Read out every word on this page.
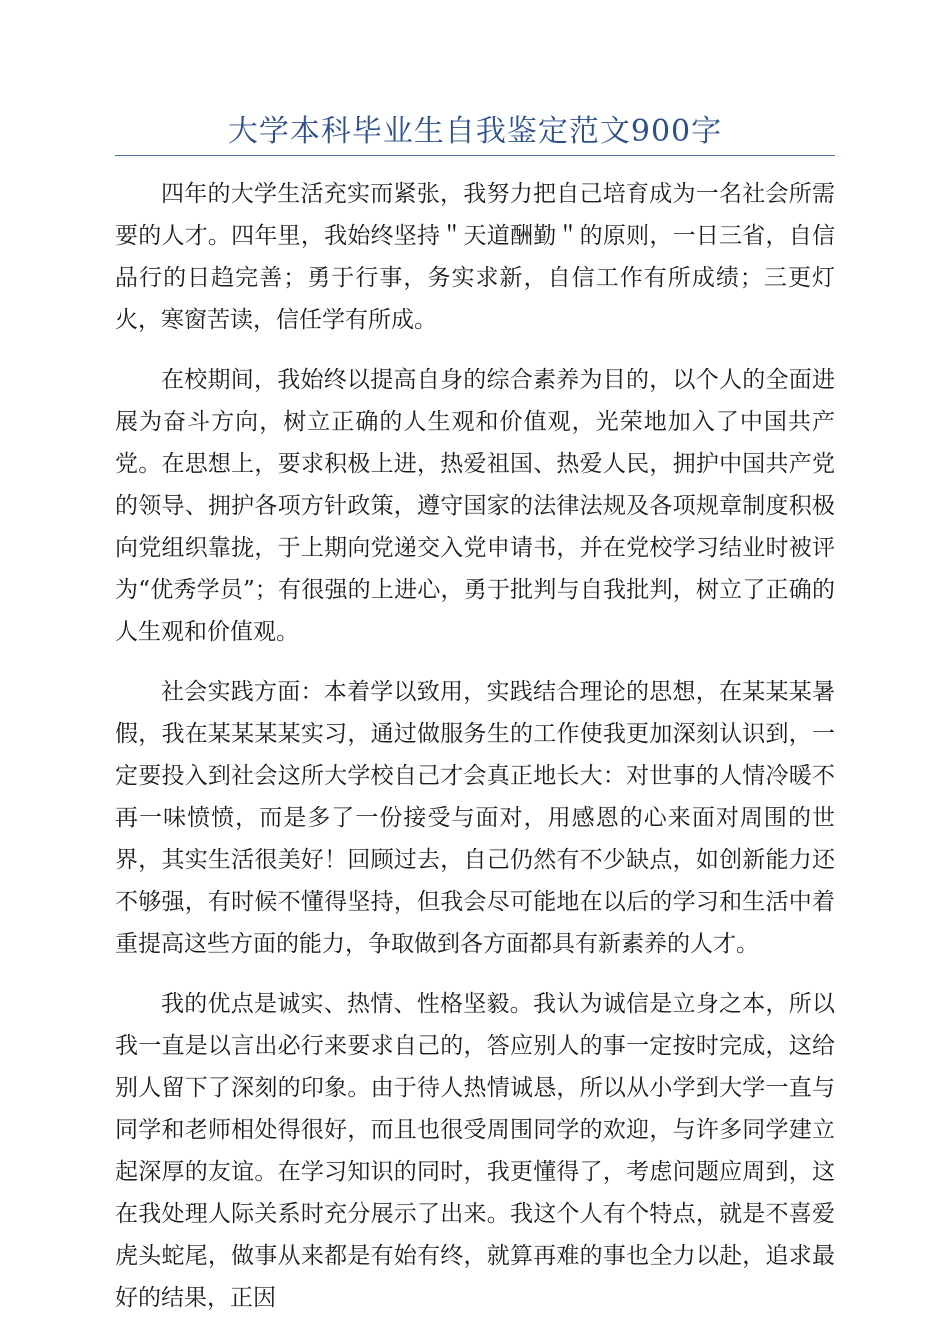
大学本科毕业生自我鉴定范文900字

四年的大学生活充实而紧张，我努力把自己培育成为一名社会所需要的人才。四年里，我始终坚持＂天道酬勤＂的原则，一日三省，自信品行的日趋完善；勇于行事，务实求新，自信工作有所成绩；三更灯火，寒窗苦读，信任学有所成。

在校期间，我始终以提高自身的综合素养为目的，以个人的全面进展为奋斗方向，树立正确的人生观和价值观，光荣地加入了中国共产党。在思想上，要求积极上进，热爱祖国、热爱人民，拥护中国共产党的领导、拥护各项方针政策，遵守国家的法律法规及各项规章制度积极向党组织靠拢，于上期向党递交入党申请书，并在党校学习结业时被评为“优秀学员”；有很强的上进心，勇于批判与自我批判，树立了正确的人生观和价值观。

社会实践方面：本着学以致用，实践结合理论的思想，在某某某暑假，我在某某某某实习，通过做服务生的工作使我更加深刻认识到，一定要投入到社会这所大学校自己才会真正地长大：对世事的人情冷暖不再一味愤愤，而是多了一份接受与面对，用感恩的心来面对周围的世界，其实生活很美好！回顾过去，自己仍然有不少缺点，如创新能力还不够强，有时候不懂得坚持，但我会尽可能地在以后的学习和生活中着重提高这些方面的能力，争取做到各方面都具有新素养的人才。

我的优点是诚实、热情、性格坚毅。我认为诚信是立身之本，所以我一直是以言出必行来要求自己的，答应别人的事一定按时完成，这给别人留下了深刻的印象。由于待人热情诚恳，所以从小学到大学一直与同学和老师相处得很好，而且也很受周围同学的欢迎，与许多同学建立起深厚的友谊。在学习知识的同时，我更懂得了，考虑问题应周到，这在我处理人际关系时充分展示了出来。我这个人有个特点，就是不喜爱虎头蛇尾，做事从来都是有始有终，就算再难的事也全力以赴，追求最好的结果，正因
